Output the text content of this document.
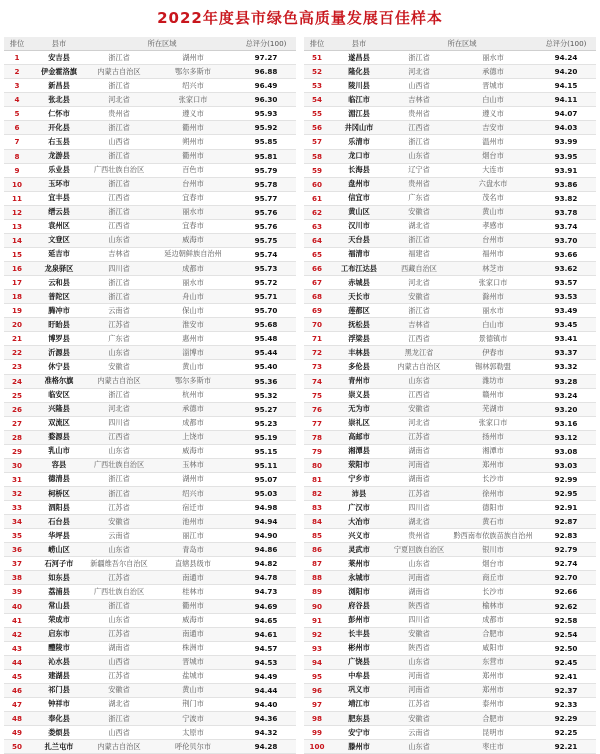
2022年度县市绿色高质量发展百佳样本
排位	县市	所在区域		总评分(100)
1	安吉县	浙江省	湖州市	97.27
2	伊金霍洛旗	内蒙古自治区	鄂尔多斯市	96.88
3	新昌县	浙江省	绍兴市	96.49
4	张北县	河北省	张家口市	96.30
5	仁怀市	贵州省	遵义市	95.93
6	开化县	浙江省	衢州市	95.92
7	右玉县	山西省	朔州市	95.85
8	龙游县	浙江省	衢州市	95.81
9	乐业县	广西壮族自治区	百色市	95.79
10	玉环市	浙江省	台州市	95.78
11	宜丰县	江西省	宜春市	95.77
12	缙云县	浙江省	丽水市	95.76
13	袁州区	江西省	宜春市	95.76
14	文登区	山东省	威海市	95.75
15	延吉市	吉林省	延边朝鲜族自治州	95.74
16	龙泉驿区	四川省	成都市	95.73
17	云和县	浙江省	丽水市	95.72
18	普陀区	浙江省	舟山市	95.71
19	腾冲市	云南省	保山市	95.70
20	盱眙县	江苏省	淮安市	95.68
21	博罗县	广东省	惠州市	95.48
22	沂源县	山东省	淄博市	95.44
23	休宁县	安徽省	黄山市	95.40
24	准格尔旗	内蒙古自治区	鄂尔多斯市	95.36
25	临安区	浙江省	杭州市	95.32
26	兴隆县	河北省	承德市	95.27
27	双流区	四川省	成都市	95.23
28	婺源县	江西省	上饶市	95.19
29	乳山市	山东省	威海市	95.15
30	容县	广西壮族自治区	玉林市	95.11
31	德清县	浙江省	湖州市	95.07
32	柯桥区	浙江省	绍兴市	95.03
33	泗阳县	江苏省	宿迁市	94.98
34	石台县	安徽省	池州市	94.94
35	华坪县	云南省	丽江市	94.90
36	崂山区	山东省	青岛市	94.86
37	石河子市	新疆维吾尔自治区	直辖县级市	94.82
38	如东县	江苏省	南通市	94.78
39	荔浦县	广西壮族自治区	桂林市	94.73
40	常山县	浙江省	衢州市	94.69
41	荣成市	山东省	威海市	94.65
42	启东市	江苏省	南通市	94.61
43	醴陵市	湖南省	株洲市	94.57
44	沁水县	山西省	晋城市	94.53
45	建湖县	江苏省	盐城市	94.49
46	祁门县	安徽省	黄山市	94.44
47	钟祥市	湖北省	荆门市	94.40
48	奉化县	浙江省	宁波市	94.36
49	娄烦县	山西省	太原市	94.32
50	扎兰屯市	内蒙古自治区	呼伦贝尔市	94.28
排位	县市	所在区域		总评分(100)
51	遂昌县	浙江省	丽水市	94.24
52	隆化县	河北省	承德市	94.20
53	陵川县	山西省	晋城市	94.15
54	临江市	吉林省	白山市	94.11
55	湄江县	贵州省	遵义市	94.07
56	井冈山市	江西省	吉安市	94.03
57	乐清市	浙江省	温州市	93.99
58	龙口市	山东省	烟台市	93.95
59	长海县	辽宁省	大连市	93.91
60	盘州市	贵州省	六盘水市	93.86
61	信宜市	广东省	茂名市	93.82
62	黄山区	安徽省	黄山市	93.78
63	汉川市	湖北省	孝感市	93.74
64	天台县	浙江省	台州市	93.70
65	福清市	福建省	福州市	93.66
66	工布江达县	西藏自治区	林芝市	93.62
67	赤城县	河北省	张家口市	93.57
68	天长市	安徽省	滁州市	93.53
69	莲都区	浙江省	丽水市	93.49
70	抚松县	吉林省	白山市	93.45
71	浮梁县	江西省	景德镇市	93.41
72	丰林县	黑龙江省	伊春市	93.37
73	多伦县	内蒙古自治区	锡林郭勒盟	93.32
74	青州市	山东省	潍坊市	93.28
75	崇义县	江西省	赣州市	93.24
76	无为市	安徽省	芜湖市	93.20
77	崇礼区	河北省	张家口市	93.16
78	高邮市	江苏省	扬州市	93.12
79	湘潭县	湖南省	湘潭市	93.08
80	荥阳市	河南省	郑州市	93.03
81	宁乡市	湖南省	长沙市	92.99
82	沛县	江苏省	徐州市	92.95
83	广汉市	四川省	德阳市	92.91
84	大冶市	湖北省	黄石市	92.87
85	兴义市	贵州省	黔西南布依族苗族自治州	92.83
86	灵武市	宁夏回族自治区	银川市	92.79
87	莱州市	山东省	烟台市	92.74
88	永城市	河南省	商丘市	92.70
89	浏阳市	湖南省	长沙市	92.66
90	府谷县	陕西省	榆林市	92.62
91	彭州市	四川省	成都市	92.58
92	长丰县	安徽省	合肥市	92.54
93	彬州市	陕西省	咸阳市	92.50
94	广饶县	山东省	东营市	92.45
95	中牟县	河南省	郑州市	92.41
96	巩义市	河南省	郑州市	92.37
97	靖江市	江苏省	泰州市	92.33
98	肥东县	安徽省	合肥市	92.29
99	安宁市	云南省	昆明市	92.25
100	滕州市	山东省	枣庄市	92.21
